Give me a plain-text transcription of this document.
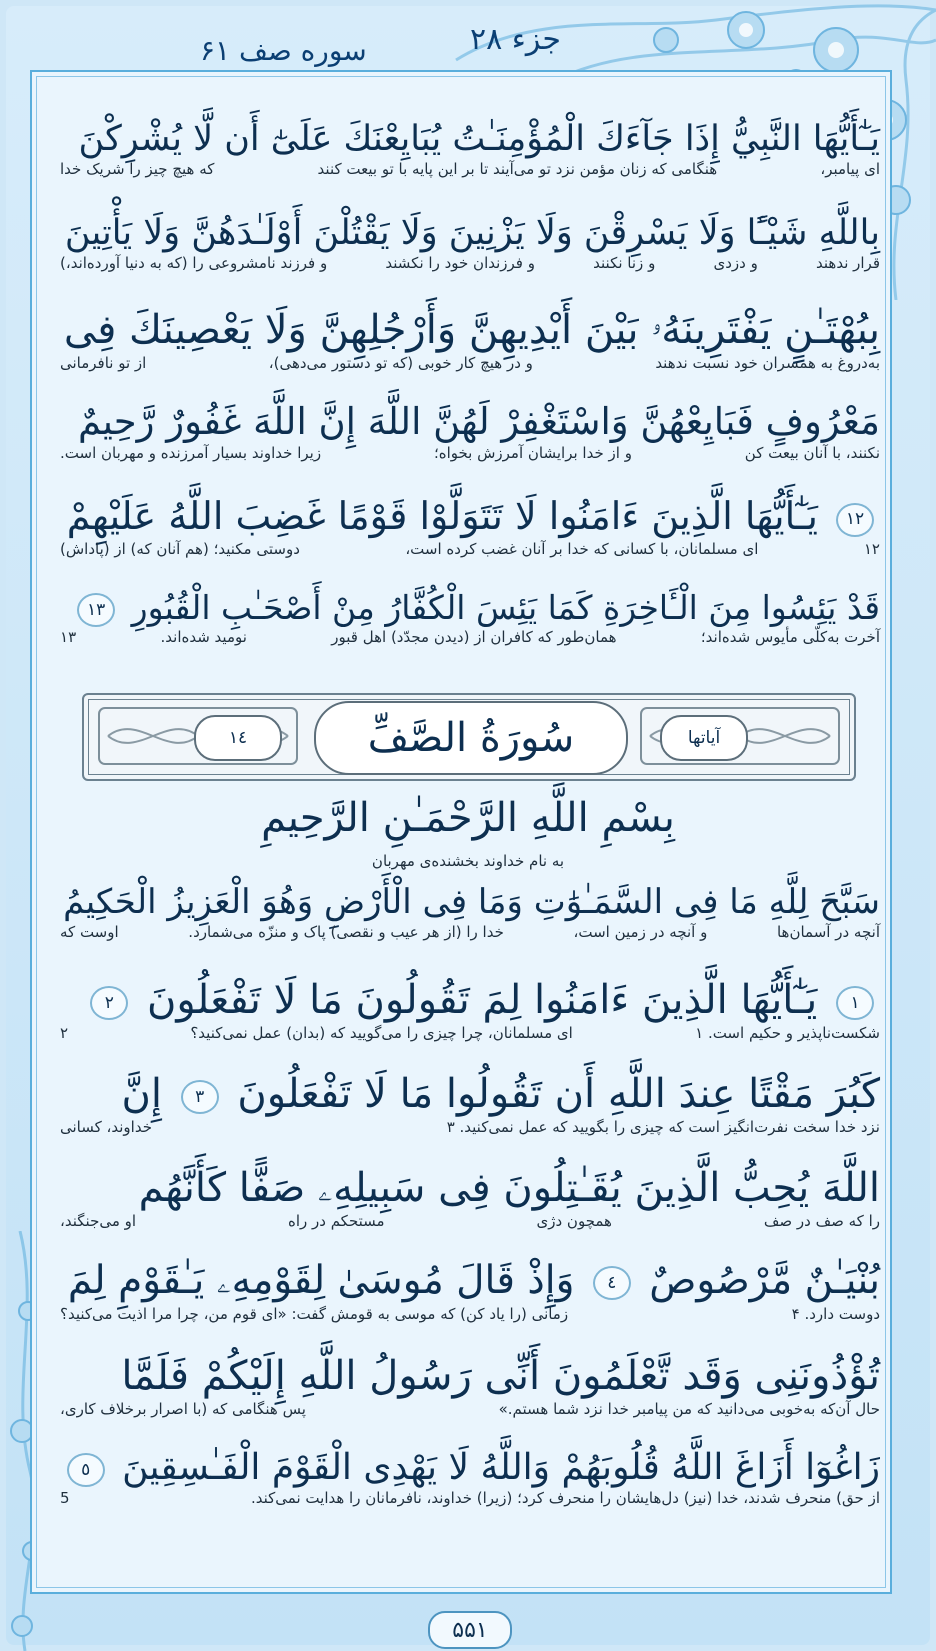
جزء ۲۸
سوره صف ۶۱
يَـٰٓأَيُّهَا النَّبِيُّ إِذَا جَآءَكَ الْمُؤْمِنَـٰتُ يُبَايِعْنَكَ عَلَىٰٓ أَن لَّا يُشْرِكْنَ
ای پیامبر،
هنگامی که زنان مؤمن نزد تو می‌آیند تا بر این پایه با تو بیعت کنند
که هیچ چیز را شریک خدا
بِاللَّهِ شَيْـًٔا وَلَا يَسْرِقْنَ وَلَا يَزْنِينَ وَلَا يَقْتُلْنَ أَوْلَـٰدَهُنَّ وَلَا يَأْتِينَ
قرار ندهند
و دزدی
و زنا نکنند
و فرزندان خود را نکشند
و فرزند نامشروعی را (که به دنیا آورده‌اند،)
بِبُهْتَـٰنٍ يَفْتَرِينَهُۥ بَيْنَ أَيْدِيهِنَّ وَأَرْجُلِهِنَّ وَلَا يَعْصِينَكَ فِى
به‌دروغ به همسران خود نسبت ندهند
و در هیچ کار خوبی (که تو دستور می‌دهی)،
از تو نافرمانی
مَعْرُوفٍ فَبَايِعْهُنَّ وَاسْتَغْفِرْ لَهُنَّ اللَّهَ إِنَّ اللَّهَ غَفُورٌ رَّحِيمٌ
نکنند، با آنان بیعت کن
و از خدا برایشان آمرزش بخواه؛
زیرا خداوند بسیار آمرزنده و مهربان است.
۱۲ يَـٰٓأَيُّهَا الَّذِينَ ءَامَنُوا لَا تَتَوَلَّوْا قَوْمًا غَضِبَ اللَّهُ عَلَيْهِمْ
۱۲
ای مسلمانان، با کسانی که خدا بر آنان غضب کرده است،
دوستی مکنید؛ (هم آنان که) از (پاداش)
قَدْ يَئِسُوا مِنَ الْـَٔاخِرَةِ كَمَا يَئِسَ الْكُفَّارُ مِنْ أَصْحَـٰبِ الْقُبُورِ ۱۳
آخرت به‌کلّی مأیوس شده‌اند؛
همان‌طور که کافران از (دیدن مجدّد) اهل قبور
نومید شده‌اند.
۱۳
١٤	سُورَةُ الصَّفِّ	آیاتها
بِسْمِ اللَّهِ الرَّحْمَـٰنِ الرَّحِيمِ
به نام خداوند بخشنده‌ی مهربان
سَبَّحَ لِلَّهِ مَا فِى السَّمَـٰوَٰتِ وَمَا فِى الْأَرْضِ وَهُوَ الْعَزِيزُ الْحَكِيمُ
آنچه در آسمان‌ها
و آنچه در زمین است،
خدا را (از هر عیب و نقصی) پاک و منزّه می‌شمارد.
اوست که
١ يَـٰٓأَيُّهَا الَّذِينَ ءَامَنُوا لِمَ تَقُولُونَ مَا لَا تَفْعَلُونَ ٢
شکست‌ناپذیر و حکیم است. ۱
ای مسلمانان، چرا چیزی را می‌گویید که (بدان) عمل نمی‌کنید؟
۲
كَبُرَ مَقْتًا عِندَ اللَّهِ أَن تَقُولُوا مَا لَا تَفْعَلُونَ ٣ إِنَّ
نزد خدا سخت نفرت‌انگیز است که چیزی را بگویید که عمل نمی‌کنید. ۳
خداوند، کسانی
اللَّهَ يُحِبُّ الَّذِينَ يُقَـٰتِلُونَ فِى سَبِيلِهِۦ صَفًّا كَأَنَّهُم
را که صف در صف
همچون دژی
مستحکم در راه
او می‌جنگند،
بُنْيَـٰنٌ مَّرْصُوصٌ ٤ وَإِذْ قَالَ مُوسَىٰ لِقَوْمِهِۦ يَـٰقَوْمِ لِمَ
دوست دارد. ۴
زمانی (را یاد کن) که موسی به قومش گفت: «ای قوم من، چرا مرا اذیت می‌کنید؟
تُؤْذُونَنِى وَقَد تَّعْلَمُونَ أَنِّى رَسُولُ اللَّهِ إِلَيْكُمْ فَلَمَّا
حال آن‌که به‌خوبی می‌دانید که من پیامبر خدا نزد شما هستم.»
پس هنگامی که (با اصرار برخلاف کاری،
زَاغُوٓا أَزَاغَ اللَّهُ قُلُوبَهُمْ وَاللَّهُ لَا يَهْدِى الْقَوْمَ الْفَـٰسِقِينَ ٥
از حق) منحرف شدند، خدا (نیز) دل‌هایشان را منحرف کرد؛ (زیرا) خداوند، نافرمانان را هدایت نمی‌کند.
5
۵۵۱
